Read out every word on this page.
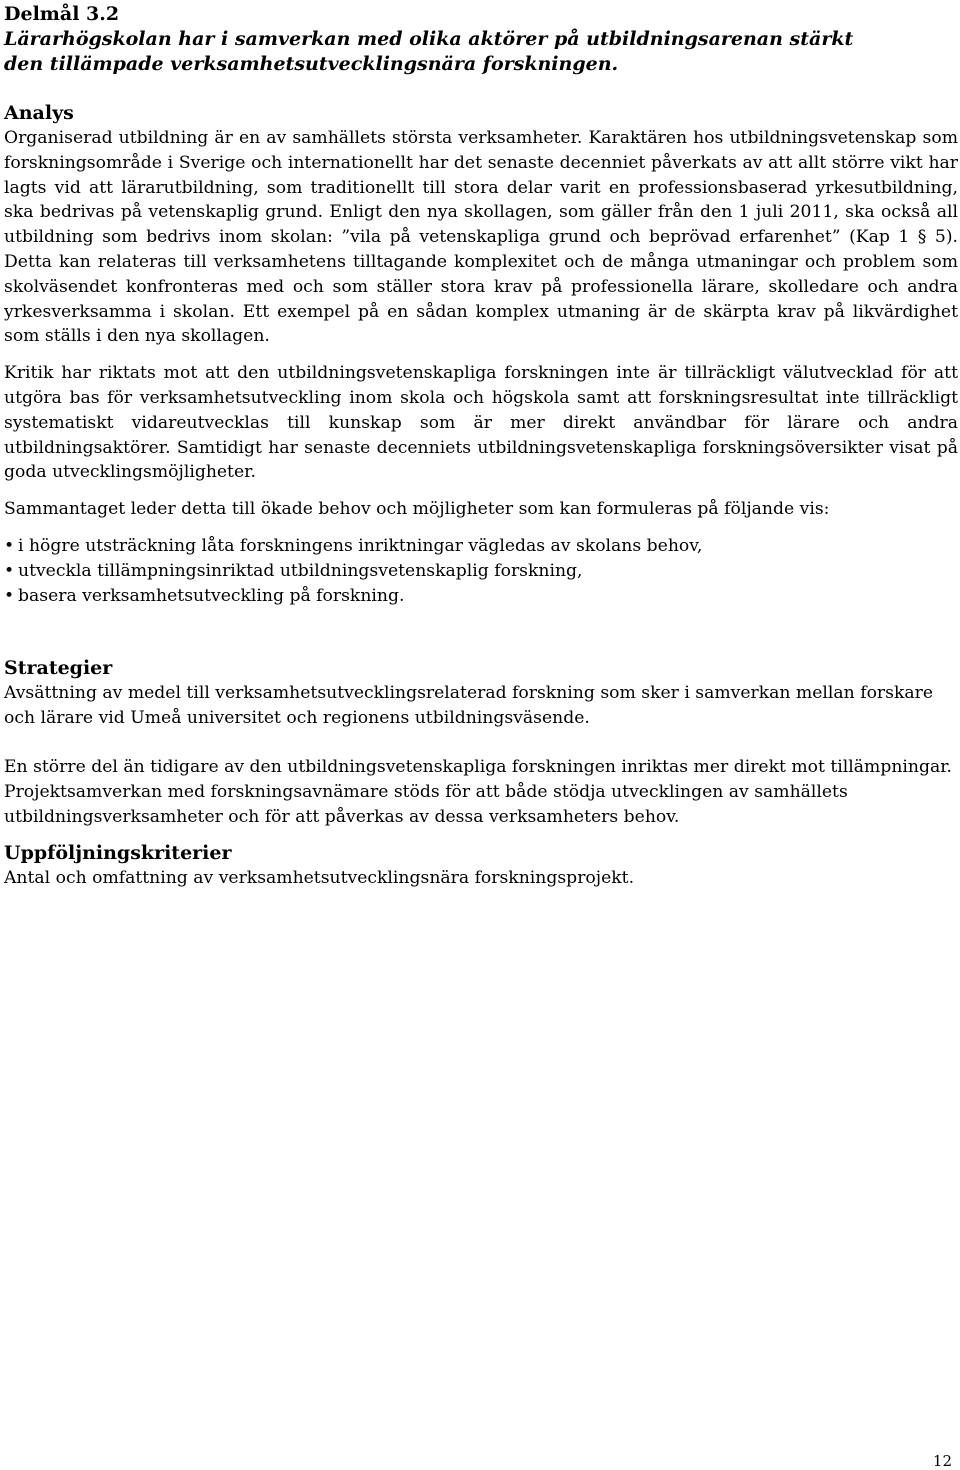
Delmål 3.2

Lärarhögskolan har i samverkan med olika aktörer på utbildningsarenan stärkt

den tillämpade verksamhetsutvecklingsnära forskningen.

Analys

Organiserad utbildning är en av samhällets största verksamheter. Karaktären hos utbildningsvetenskap som forskningsområde i Sverige och internationellt har det senaste decenniet påverkats av att allt större vikt har lagts vid att lärarutbildning, som traditionellt till stora delar varit en professionsbaserad yrkesutbildning, ska bedrivas på vetenskaplig grund. Enligt den nya skollagen, som gäller från den 1 juli 2011, ska också all utbildning som bedrivs inom skolan: ”vila på vetenskapliga grund och beprövad erfarenhet” (Kap 1 § 5). Detta kan relateras till verksamhetens tilltagande komplexitet och de många utmaningar och problem som skolväsendet konfronteras med och som ställer stora krav på professionella lärare, skolledare och andra yrkesverksamma i skolan. Ett exempel på en sådan komplex utmaning är de skärpta krav på likvärdighet som ställs i den nya skollagen.

Kritik har riktats mot att den utbildningsvetenskapliga forskningen inte är tillräckligt välutvecklad för att utgöra bas för verksamhetsutveckling inom skola och högskola samt att forskningsresultat inte tillräckligt systematiskt vidareutvecklas till kunskap som är mer direkt användbar för lärare och andra utbildningsaktörer. Samtidigt har senaste decenniets utbildningsvetenskapliga forskningsöversikter visat på goda utvecklingsmöjligheter.

Sammantaget leder detta till ökade behov och möjligheter som kan formuleras på följande vis:

• i högre utsträckning låta forskningens inriktningar vägledas av skolans behov,
• utveckla tillämpningsinriktad utbildningsvetenskaplig forskning,
• basera verksamhetsutveckling på forskning.

Strategier

Avsättning av medel till verksamhetsutvecklingsrelaterad forskning som sker i samverkan mellan forskare och lärare vid Umeå universitet och regionens utbildningsväsende.

En större del än tidigare av den utbildningsvetenskapliga forskningen inriktas mer direkt mot tillämpningar. Projektsamverkan med forskningsavnämare stöds för att både stödja utvecklingen av samhällets utbildningsverksamheter och för att påverkas av dessa verksamheters behov.

Uppföljningskriterier

Antal och omfattning av verksamhetsutvecklingsnära forskningsprojekt.

12
